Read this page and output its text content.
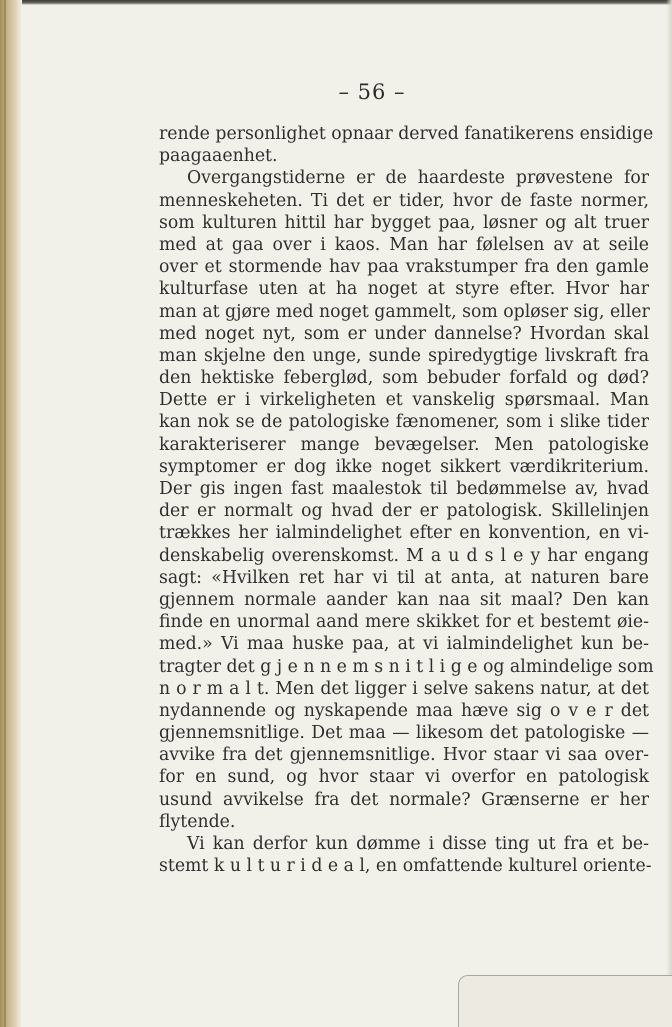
– 56 –
rende personlighet opnaar derved fanatikerens ensidige
paagaaenhet.
Overgangstiderne er de haardeste prøvestene for
menneskeheten. Ti det er tider, hvor de faste normer,
som kulturen hittil har bygget paa, løsner og alt truer
med at gaa over i kaos. Man har følelsen av at seile
over et stormende hav paa vrakstumper fra den gamle
kulturfase uten at ha noget at styre efter. Hvor har
man at gjøre med noget gammelt, som opløser sig, eller
med noget nyt, som er under dannelse? Hvordan skal
man skjelne den unge, sunde spiredygtige livskraft fra
den hektiske feberglød, som bebuder forfald og død?
Dette er i virkeligheten et vanskelig spørsmaal. Man
kan nok se de patologiske fænomener, som i slike tider
karakteriserer mange bevægelser. Men patologiske
symptomer er dog ikke noget sikkert værdikriterium.
Der gis ingen fast maalestok til bedømmelse av, hvad
der er normalt og hvad der er patologisk. Skillelinjen
trækkes her ialmindelighet efter en konvention, en vi-
denskabelig overenskomst. M a u d s l e y har engang
sagt: «Hvilken ret har vi til at anta, at naturen bare
gjennem normale aander kan naa sit maal? Den kan
finde en unormal aand mere skikket for et bestemt øie-
med.» Vi maa huske paa, at vi ialmindelighet kun be-
tragter det g j e n n e m s n i t l i g e og almindelige som
n o r m a l t. Men det ligger i selve sakens natur, at det
nydannende og nyskapende maa hæve sig o v e r det
gjennemsnitlige. Det maa — likesom det patologiske —
avvike fra det gjennemsnitlige. Hvor staar vi saa over-
for en sund, og hvor staar vi overfor en patologisk
usund avvikelse fra det normale? Grænserne er her
flytende.
Vi kan derfor kun dømme i disse ting ut fra et be-
stemt k u l t u r i d e a l, en omfattende kulturel oriente-
